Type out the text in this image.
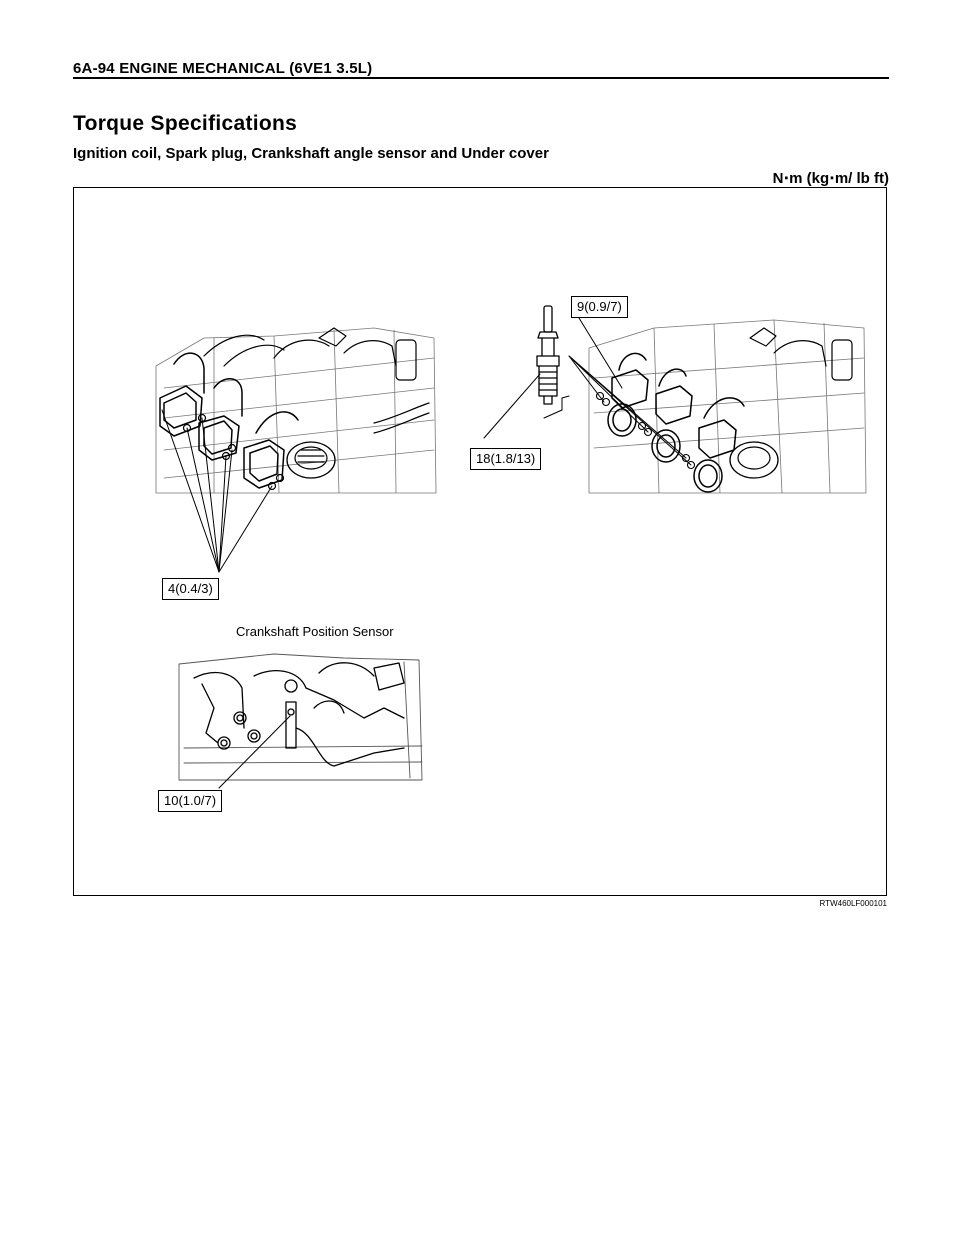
6A-94 ENGINE MECHANICAL (6VE1 3.5L)
Torque Specifications
Ignition coil, Spark plug, Crankshaft angle sensor and Under cover
N⋅m (kg⋅m/ lb ft)
4(0.4/3)
9(0.9/7)
18(1.8/13)
Crankshaft Position Sensor
10(1.0/7)
RTW460LF000101
